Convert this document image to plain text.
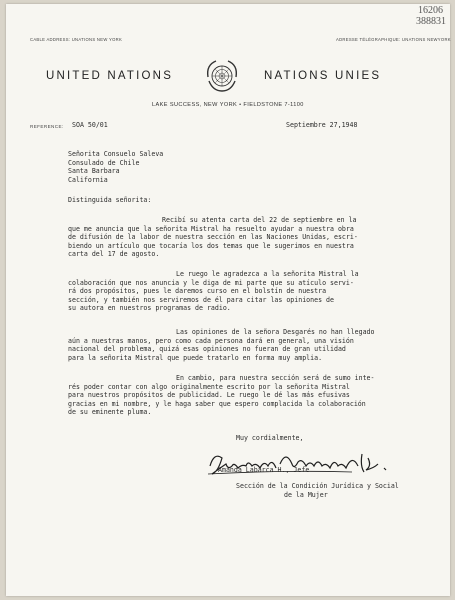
CABLE ADDRESS: UNATIONS NEW YORK	ADRESSE TÉLÉGRAPHIQUE: UNATIONS NEWYORK
16206
388831
UNITED NATIONS	NATIONS UNIES
LAKE SUCCESS, NEW YORK • FIELDSTONE 7-1100
REFERENCE: SOA 50/01	Septiembre 27,1948
Señorita Consuelo Saleva
Consulado de Chile
Santa Barbara
California
Distinguida señorita:
Recibí su atenta carta del 22 de septiembre en la
que me anuncia que la señorita Mistral ha resuelto ayudar a nuestra obra
de difusión de la labor de nuestra sección en las Naciones Unidas, escri-
biendo un artículo que tocaría los dos temas que le sugerimos en nuestra
carta del 17 de agosto.
Le ruego le agradezca a la señorita Mistral la
colaboración que nos anuncia y le diga de mi parte que su atículo servi-
rá dos propósitos, pues le daremos curso en el bolstín de nuestra
sección, y también nos serviremos de él para citar las opiniones de
su autora en nuestros programas de radio.
Las opiniones de la señora Desgarés no han llegado
aún a nuestras manos, pero como cada persona dará en general, una visión
nacional del problema, quizá esas opiniones no fueran de gran utilidad
para la señorita Mistral que puede tratarlo en forma muy amplia.
En cambio, para nuestra sección será de sumo inte-
rés poder contar con algo originalmente escrito por la señorita Mistral
para nuestros propósitos de publicidad. Le ruego le dé las más efusivas
gracias en mi nombre, y le haga saber que espero complacida la colaboración
de su eminente pluma.
Muy cordialmente,
Amanda Labarca H., Jefe
Sección de la Condición Jurídica y Social
de la Mujer
